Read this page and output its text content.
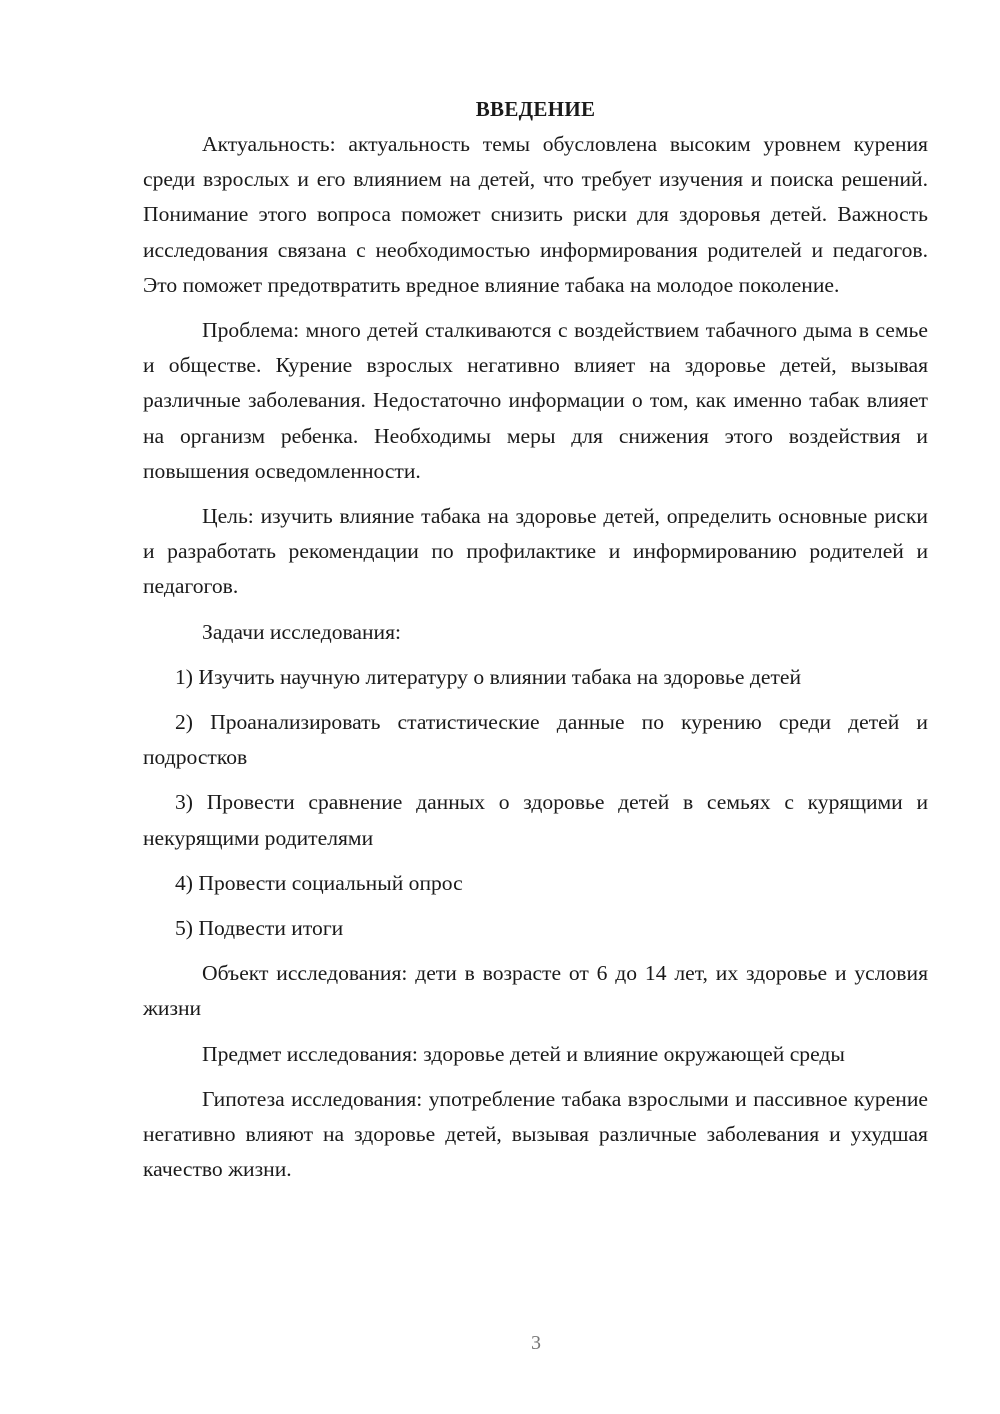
ВВЕДЕНИЕ

Актуальность: актуальность темы обусловлена высоким уровнем курения среди взрослых и его влиянием на детей, что требует изучения и поиска решений. Понимание этого вопроса поможет снизить риски для здоровья детей. Важность исследования связана с необходимостью информирования родителей и педагогов. Это поможет предотвратить вредное влияние табака на молодое поколение.

Проблема: много детей сталкиваются с воздействием табачного дыма в семье и обществе. Курение взрослых негативно влияет на здоровье детей, вызывая различные заболевания. Недостаточно информации о том, как именно табак влияет на организм ребенка. Необходимы меры для снижения этого воздействия и повышения осведомленности.

Цель: изучить влияние табака на здоровье детей, определить основные риски и разработать рекомендации по профилактике и информированию родителей и педагогов.

Задачи исследования:

1) Изучить научную литературу о влиянии табака на здоровье детей

2) Проанализировать статистические данные по курению среди детей и подростков

3) Провести сравнение данных о здоровье детей в семьях с курящими и некурящими родителями

4) Провести социальный опрос

5) Подвести итоги

Объект исследования: дети в возрасте от 6 до 14 лет, их здоровье и условия жизни

Предмет исследования: здоровье детей и влияние окружающей среды

Гипотеза исследования: употребление табака взрослыми и пассивное курение негативно влияют на здоровье детей, вызывая различные заболевания и ухудшая качество жизни.

3
